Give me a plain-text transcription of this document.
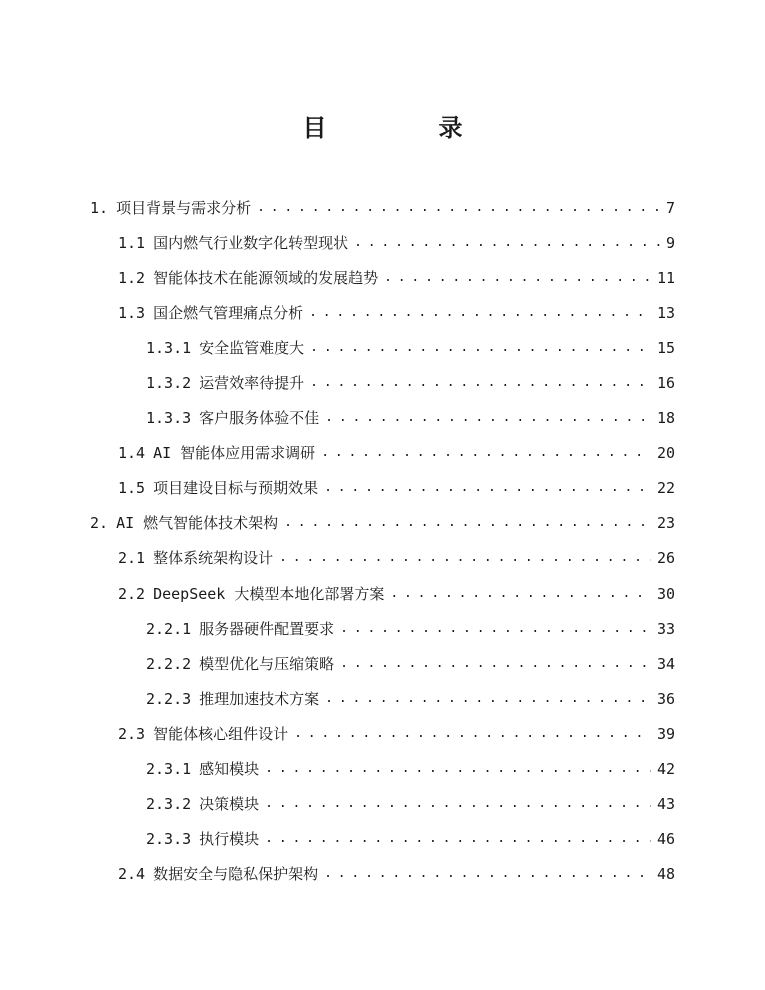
目　录
1. 项目背景与需求分析 . . .	7
1.1 国内燃气行业数字化转型现状 . . .	9
1.2 智能体技术在能源领域的发展趋势 . . .	11
1.3 国企燃气管理痛点分析 . . .	13
1.3.1 安全监管难度大 . . .	15
1.3.2 运营效率待提升 . . .	16
1.3.3 客户服务体验不佳 . . .	18
1.4 AI 智能体应用需求调研 . . .	20
1.5 项目建设目标与预期效果 . . .	22
2. AI 燃气智能体技术架构 . . .	23
2.1 整体系统架构设计 . . .	26
2.2 DeepSeek 大模型本地化部署方案 . . .	30
2.2.1 服务器硬件配置要求 . . .	33
2.2.2 模型优化与压缩策略 . . .	34
2.2.3 推理加速技术方案 . . .	36
2.3 智能体核心组件设计 . . .	39
2.3.1 感知模块 . . .	42
2.3.2 决策模块 . . .	43
2.3.3 执行模块 . . .	46
2.4 数据安全与隐私保护架构 . . .	48
